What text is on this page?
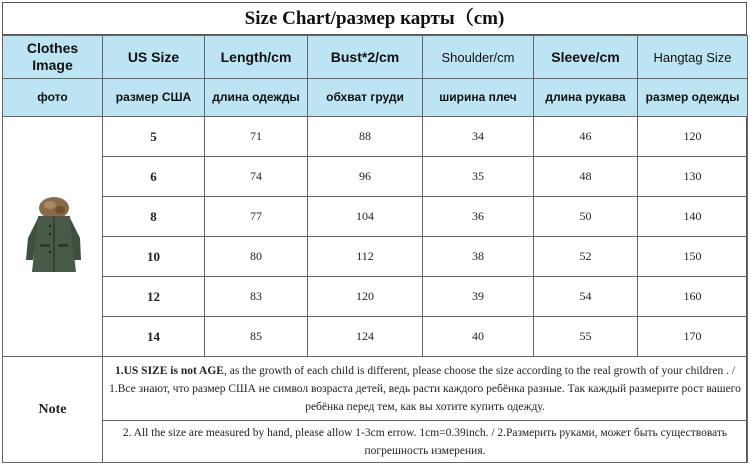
Size Chart/размер карты（cm)
Clothes Image	US Size	Length/cm	Bust*2/cm	Shoulder/cm	Sleeve/cm	Hangtag Size
фото	размер США	длина одежды	обхват груди	ширина плеч	длина рукава	размер одежды

	5	71	88	34	46	120
	6	74	96	35	48	130
	8	77	104	36	50	140
	10	80	112	38	52	150
	12	83	120	39	54	160
	14	85	124	40	55	170
Note	1.US SIZE is not AGE, as the growth of each child is different, please choose the size according to the real growth of your children . / 1.Все знают, что размер США не символ возраста детей, ведь расти каждого ребёнка разные. Так каждый размерите рост вашего ребёнка перед тем, как вы хотите купить одежду.					
	2. All the size are measured by hand, please allow 1-3cm errow. 1cm=0.39inch. / 2.Размерить руками, может быть существовать погрешность измерения.					
